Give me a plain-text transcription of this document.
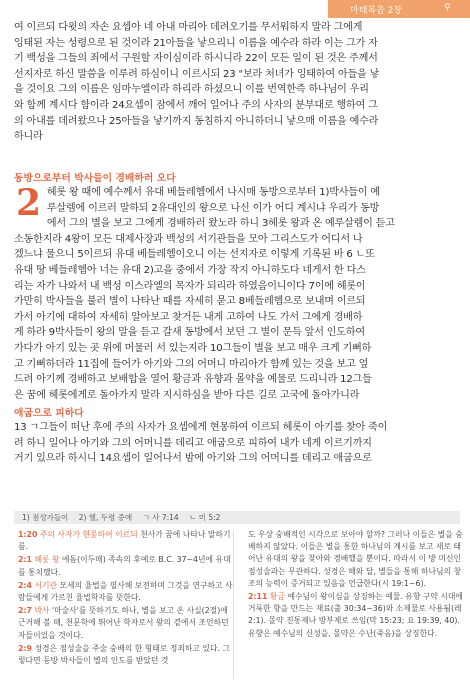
마태복음 2장	⚲

여 이르되 다윗의 자손 요셉아 네 아내 마리아 데려오기를 무서워하지 말라 그에게

잉태된 자는 성령으로 된 것이라 21아들을 낳으리니 이름을 예수라 하라 이는 그가 자

기 백성을 그들의 죄에서 구원할 자이심이라 하시니라 22이 모든 일이 된 것은 주께서

선지자로 하신 말씀을 이루려 하심이니 이르시되 23 "보라 처녀가 잉태하여 아들을 낳

을 것이요 그의 이름은 임마누엘이라 하리라 하셨으니 이를 번역한즉 하나님이 우리

와 함께 계시다 함이라 24요셉이 잠에서 깨어 일어나 주의 사자의 분부대로 행하여 그

의 아내를 데려왔으나 25아들을 낳기까지 동침하지 아니하더니 낳으매 이름을 예수라

하니라

동방으로부터 박사들이 경배하러 오다
2 헤롯 왕 때에 예수께서 유대 베들레헴에서 나시매 동방으로부터 1)박사들이 예

루살렘에 이르러 말하되 2유대인의 왕으로 나신 이가 어디 계시냐 우리가 동방

에서 그의 별을 보고 그에게 경배하러 왔노라 하니 3헤롯 왕과 온 예루살렘이 듣고

소동한지라 4왕이 모든 대제사장과 백성의 서기관들을 모아 그리스도가 어디서 나

겠느냐 물으니 5이르되 유대 베들레헴이오니 이는 선지자로 이렇게 기록된 바 6 ㄴ또

유대 땅 베들레헴아 너는 유대 2)고을 중에서 가장 작지 아니하도다 네게서 한 다스

리는 자가 나와서 내 백성 이스라엘의 목자가 되리라 하였음이니이다 7이에 헤롯이

가만히 박사들을 불러 별이 나타난 때를 자세히 묻고 8베들레헴으로 보내며 이르되

가서 아기에 대하여 자세히 알아보고 찾거든 내게 고하여 나도 가서 그에게 경배하

게 하라 9박사들이 왕의 말을 듣고 갈새 동방에서 보던 그 별이 문득 앞서 인도하여

가다가 아기 있는 곳 위에 머물러 서 있는지라 10그들이 별을 보고 매우 크게 기뻐하

고 기뻐하더라 11집에 들어가 아기와 그의 어머니 마리아가 함께 있는 것을 보고 엎

드려 아기께 경배하고 보배합을 열어 황금과 유향과 몰약을 예물로 드리니라 12그들

은 꿈에 헤롯에게로 돌아가지 말라 지시하심을 받아 다른 길로 고국에 돌아가니라

애굽으로 피하다

13 ㄱ그들이 떠난 후에 주의 사자가 요셉에게 현몽하여 이르되 헤롯이 아기를 찾아 죽이

려 하니 일어나 아기와 그의 어머니를 데리고 애굽으로 피하여 내가 네게 이르기까지

거기 있으라 하시니 14요셉이 일어나서 밤에 아기와 그의 어머니를 데리고 애굽으로

1) 점성가들이 2) 헬, 두령 중에 ㄱ 사 7:14 ㄴ 미 5:2

1:20 주의 사자가 현몽하여 이르되 천사가 꿈에 나타나 말하기를.

2:1 헤롯 왕 에돔(이두매) 족속의 후예로 B.C. 37~4년에 유대를 통치했다.

2:4 서기관 모세의 율법을 필사해 보전하며 그것을 연구하고 사람들에게 가르친 율법학자를 뜻한다.

2:7 박사 '마술사'를 뜻하기도 하나, 별을 보고 온 사실(2절)에 근거해 볼 때, 천문학에 뛰어난 학자로서 왕의 곁에서 조언하던 자들이었을 것이다.

2:9 성경은 점성술을 주술 숭배의 한 형태로 정죄하고 있다. 그렇다면 동방 박사들이 별의 인도를 받았던 것

도 우상 숭배적인 시각으로 보아야 할까? 그러나 이들은 별을 숭배하지 않았다. 이들은 별을 통한 하나님의 계시를 보고 새로 태어난 유대의 왕을 찾아와 경배했을 뿐이다. 따라서 이 방 미신인 점성술과는 무관하다. 성경은 해와 달, 별들을 통해 하나님의 창조의 능력이 증거되고 있음을 언급한다(시 19:1~6).

2:11 황금 예수님이 왕이심을 상징하는 예물. 유향 구약 시대에 거룩한 향을 만드는 재료(출 30:34~36)와 소제물로 사용됨(레 2:1). 몰약 진통제나 방부제로 쓰임(막 15:23; 요 19:39, 40). 유향은 예수님의 신성을, 몰약은 수난(죽음)을 상징한다.
